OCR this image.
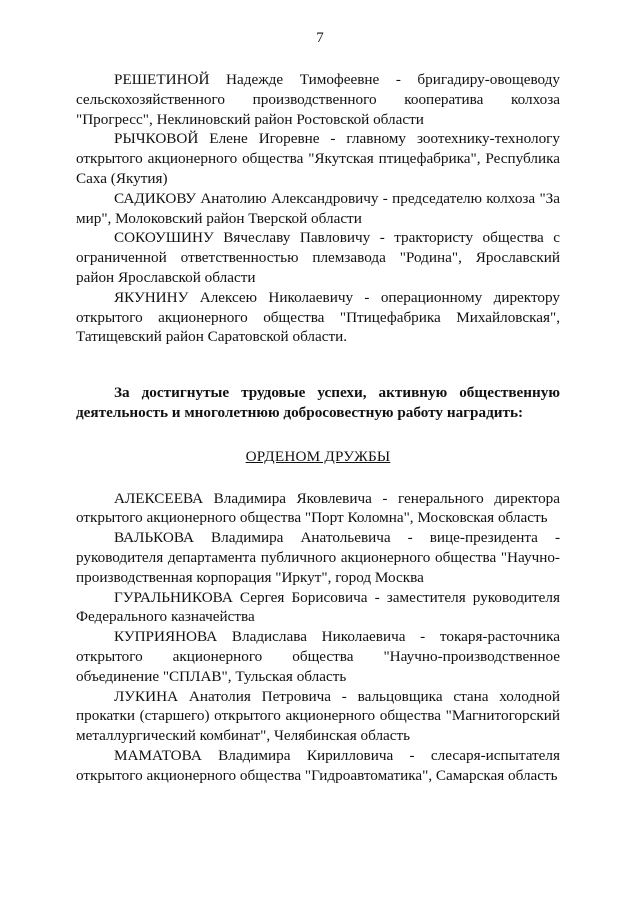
7

РЕШЕТИНОЙ Надежде Тимофеевне - бригадиру-овощеводу сельскохозяйственного производственного кооператива колхоза "Прогресс", Неклиновский район Ростовской области

РЫЧКОВОЙ Елене Игоревне - главному зоотехнику-технологу открытого акционерного общества "Якутская птицефабрика", Республика Саха (Якутия)

САДИКОВУ Анатолию Александровичу - председателю колхоза "За мир", Молоковский район Тверской области

СОКОУШИНУ Вячеславу Павловичу - трактористу общества с ограниченной ответственностью племзавода "Родина", Ярославский район Ярославской области

ЯКУНИНУ Алексею Николаевичу - операционному директору открытого акционерного общества "Птицефабрика Михайловская", Татищевский район Саратовской области.

За достигнутые трудовые успехи, активную общественную деятельность и многолетнюю добросовестную работу наградить:

ОРДЕНОМ ДРУЖБЫ

АЛЕКСЕЕВА Владимира Яковлевича - генерального директора открытого акционерного общества "Порт Коломна", Московская область

ВАЛЬКОВА Владимира Анатольевича - вице-президента - руководителя департамента публичного акционерного общества "Научно-производственная корпорация "Иркут", город Москва

ГУРАЛЬНИКОВА Сергея Борисовича - заместителя руководителя Федерального казначейства

КУПРИЯНОВА Владислава Николаевича - токаря-расточника открытого акционерного общества "Научно-производственное объединение "СПЛАВ", Тульская область

ЛУКИНА Анатолия Петровича - вальцовщика стана холодной прокатки (старшего) открытого акционерного общества "Магнитогорский металлургический комбинат", Челябинская область

МАМАТОВА Владимира Кирилловича - слесаря-испытателя открытого акционерного общества "Гидроавтоматика", Самарская область
